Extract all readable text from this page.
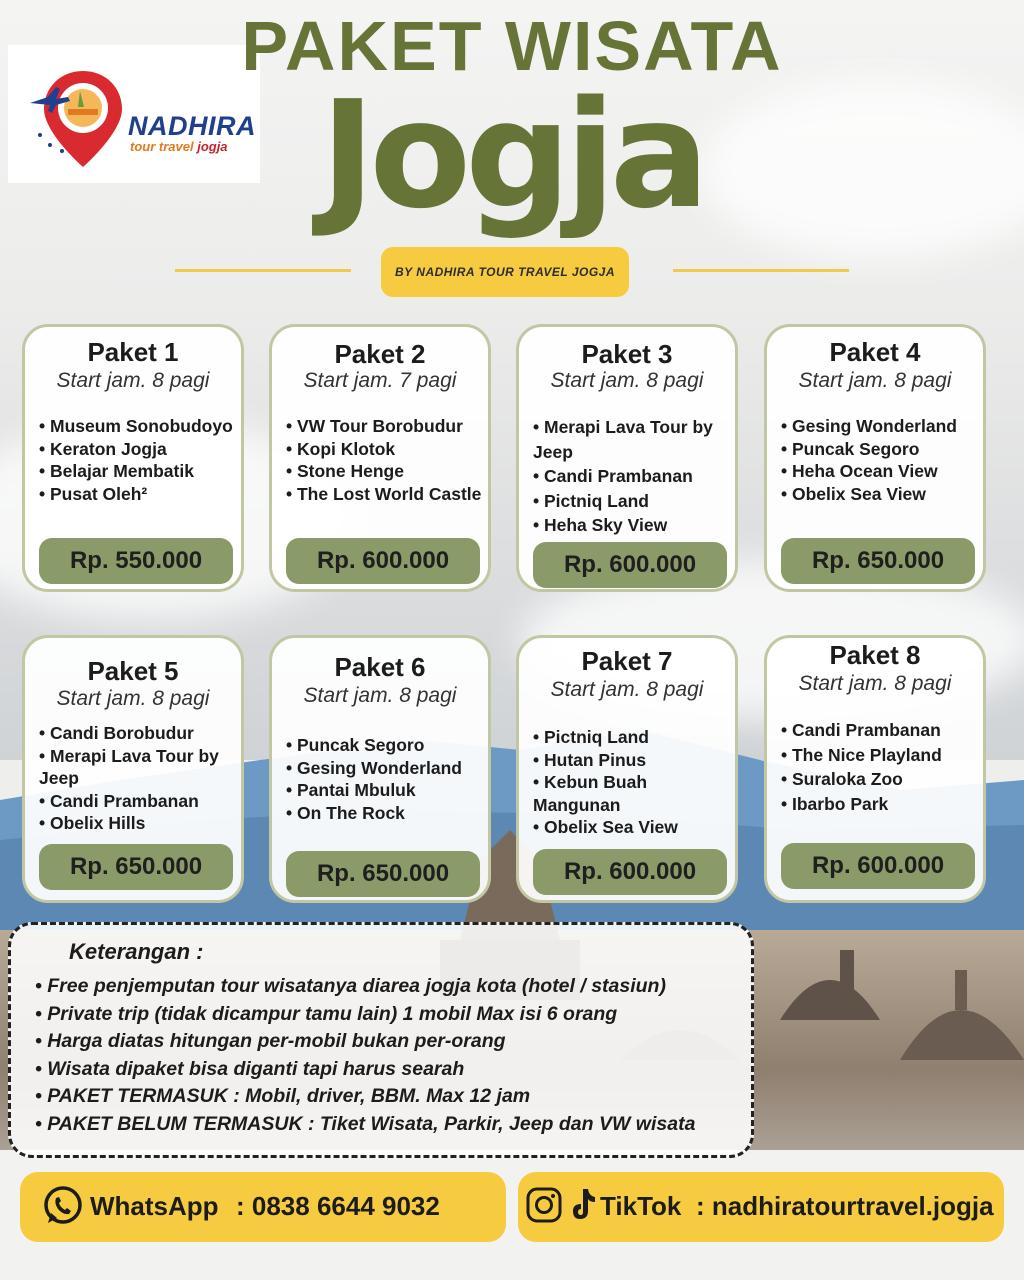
NADHIRA
tour travel jogja
PAKET WISATA
Jogja
BY NADHIRA TOUR TRAVEL JOGJA
Paket 1
Start jam. 8 pagi
• Museum Sonobudoyo
• Keraton Jogja
• Belajar Membatik
• Pusat Oleh²
Rp. 550.000
Paket 2
Start jam. 7 pagi
• VW Tour Borobudur
• Kopi Klotok
• Stone Henge
• The Lost World Castle
Rp. 600.000
Paket 3
Start jam. 8 pagi
• Merapi Lava Tour by Jeep
• Candi Prambanan
• Pictniq Land
• Heha Sky View
Rp. 600.000
Paket 4
Start jam. 8 pagi
• Gesing Wonderland
• Puncak Segoro
• Heha Ocean View
• Obelix Sea View
Rp. 650.000
Paket 5
Start jam. 8 pagi
• Candi Borobudur
• Merapi Lava Tour by Jeep
• Candi Prambanan
• Obelix Hills
Rp. 650.000
Paket 6
Start jam. 8 pagi
• Puncak Segoro
• Gesing Wonderland
• Pantai Mbuluk
• On The Rock
Rp. 650.000
Paket 7
Start jam. 8 pagi
• Pictniq Land
• Hutan Pinus
• Kebun Buah Mangunan
• Obelix Sea View
Rp. 600.000
Paket 8
Start jam. 8 pagi
• Candi Prambanan
• The Nice Playland
• Suraloka Zoo
• Ibarbo Park
Rp. 600.000
Keterangan :
• Free penjemputan tour wisatanya diarea jogja kota (hotel / stasiun)
• Private trip (tidak dicampur tamu lain) 1 mobil Max isi 6 orang
• Harga diatas hitungan per-mobil bukan per-orang
• Wisata dipaket bisa diganti tapi harus searah
• PAKET TERMASUK : Mobil, driver, BBM. Max 12 jam
• PAKET BELUM TERMASUK : Tiket Wisata, Parkir, Jeep dan VW wisata
WhatsApp : 0838 6644 9032	TikTok : nadhiratourtravel.jogja
